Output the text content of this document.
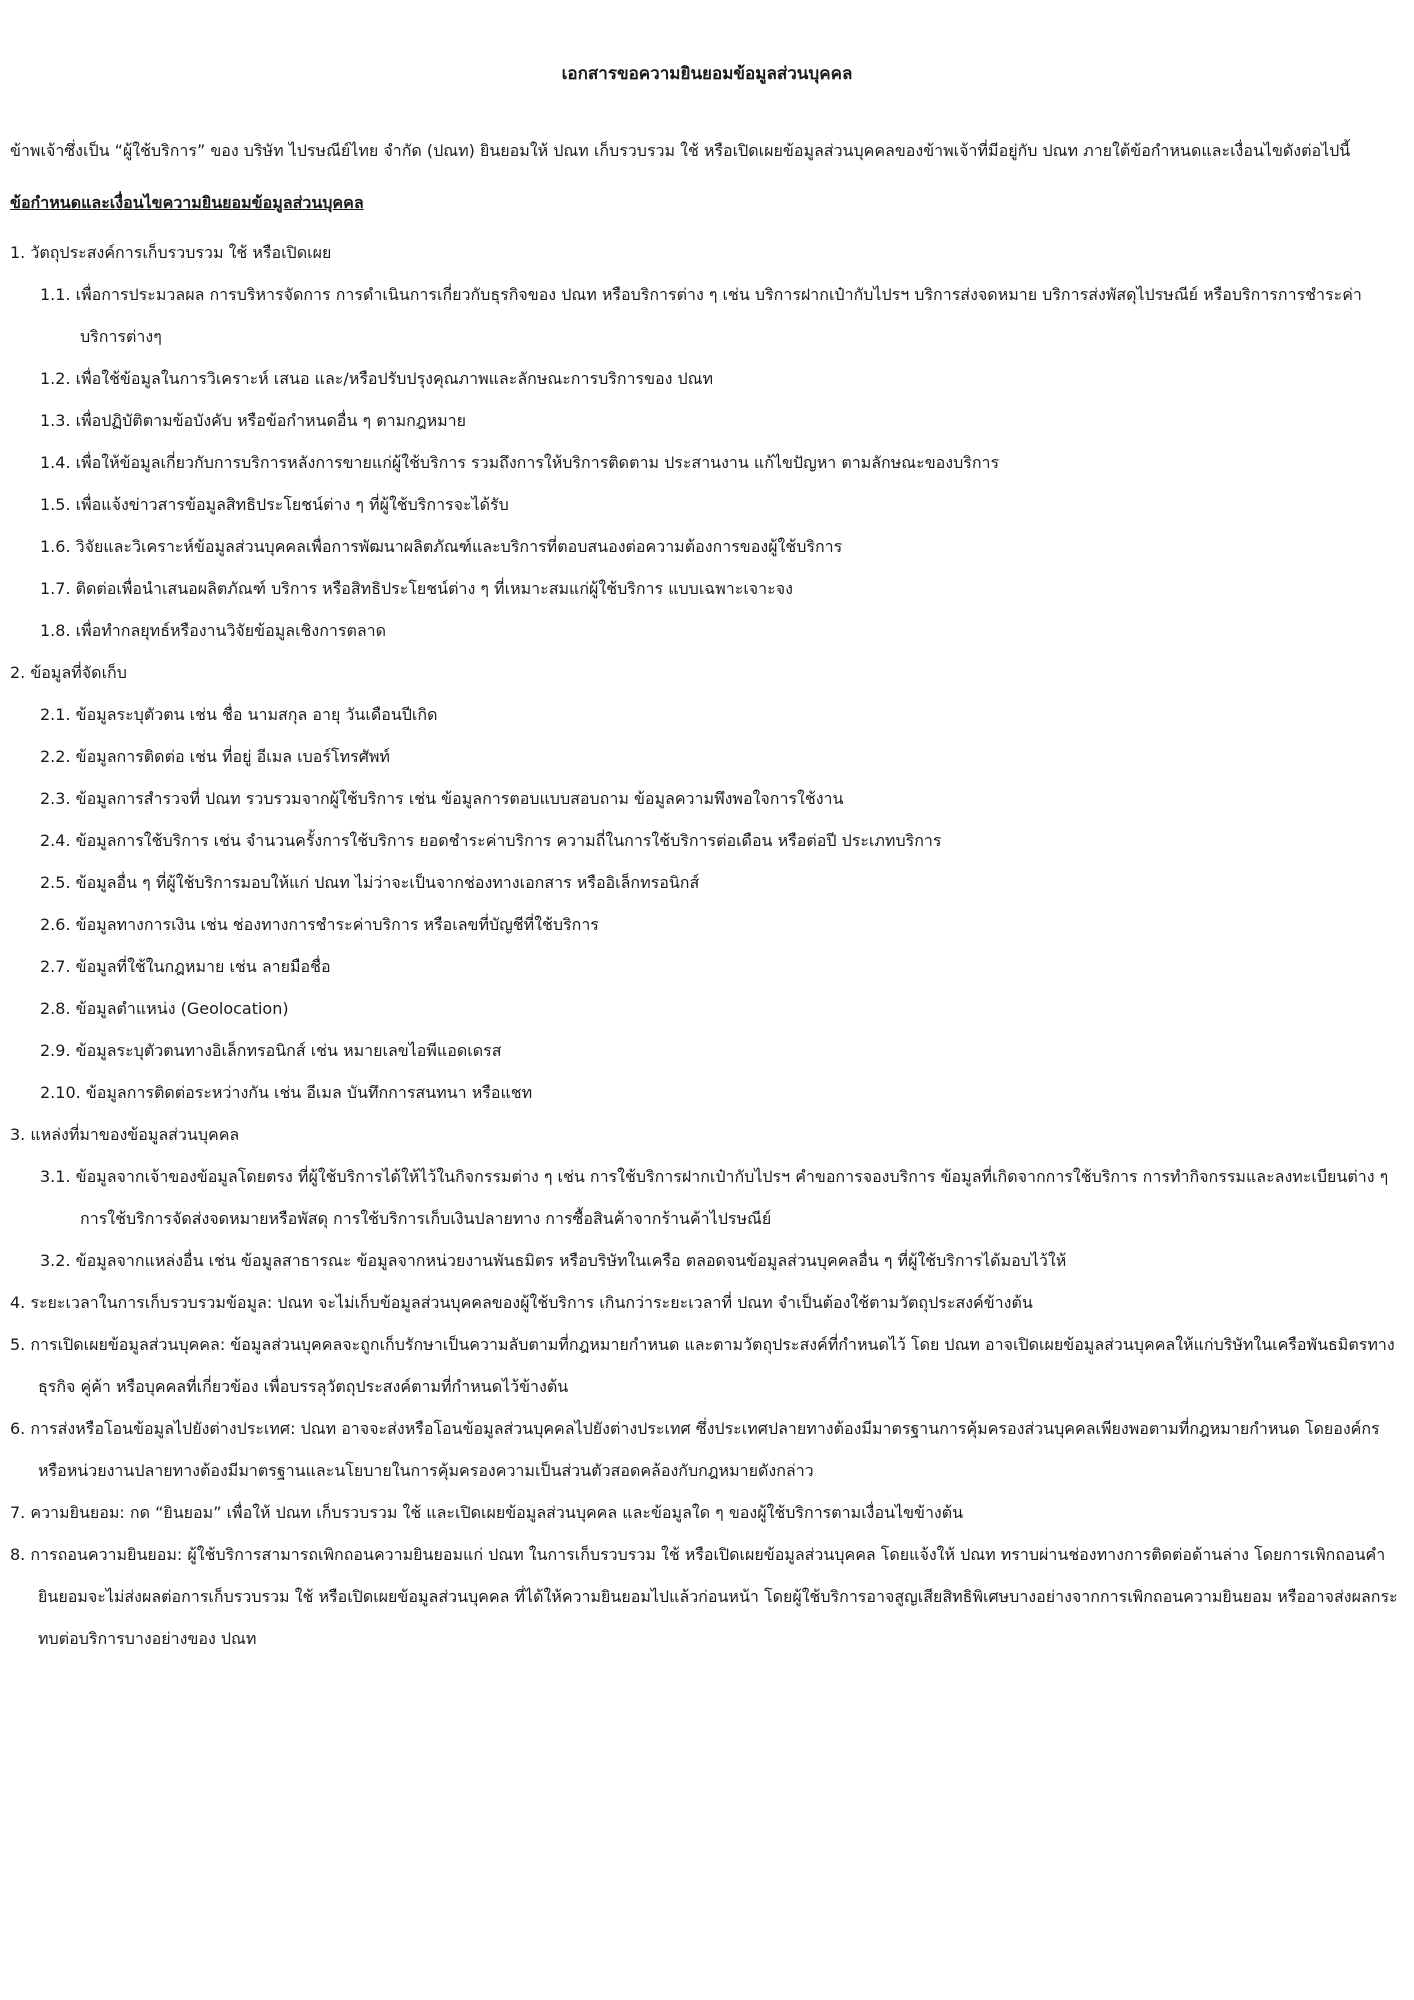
เอกสารขอความยินยอมข้อมูลส่วนบุคคล
ข้าพเจ้าซึ่งเป็น “ผู้ใช้บริการ” ของ บริษัท ไปรษณีย์ไทย จำกัด (ปณท) ยินยอมให้ ปณท เก็บรวบรวม ใช้ หรือเปิดเผยข้อมูลส่วนบุคคลของข้าพเจ้าที่มีอยู่กับ ปณท ภายใต้ข้อกำหนดและเงื่อนไขดังต่อไปนี้
ข้อกำหนดและเงื่อนไขความยินยอมข้อมูลส่วนบุคคล
1. วัตถุประสงค์การเก็บรวบรวม ใช้ หรือเปิดเผย
1.1. เพื่อการประมวลผล การบริหารจัดการ การดำเนินการเกี่ยวกับธุรกิจของ ปณท หรือบริการต่าง ๆ เช่น บริการฝากเป๋ากับไปรฯ บริการส่งจดหมาย บริการส่งพัสดุไปรษณีย์ หรือบริการการชำระค่าบริการต่างๆ
1.2. เพื่อใช้ข้อมูลในการวิเคราะห์ เสนอ และ/หรือปรับปรุงคุณภาพและลักษณะการบริการของ ปณท
1.3. เพื่อปฏิบัติตามข้อบังคับ หรือข้อกำหนดอื่น ๆ ตามกฎหมาย
1.4. เพื่อให้ข้อมูลเกี่ยวกับการบริการหลังการขายแก่ผู้ใช้บริการ รวมถึงการให้บริการติดตาม ประสานงาน แก้ไขปัญหา ตามลักษณะของบริการ
1.5. เพื่อแจ้งข่าวสารข้อมูลสิทธิประโยชน์ต่าง ๆ ที่ผู้ใช้บริการจะได้รับ
1.6. วิจัยและวิเคราะห์ข้อมูลส่วนบุคคลเพื่อการพัฒนาผลิตภัณฑ์และบริการที่ตอบสนองต่อความต้องการของผู้ใช้บริการ
1.7. ติดต่อเพื่อนำเสนอผลิตภัณฑ์ บริการ หรือสิทธิประโยชน์ต่าง ๆ ที่เหมาะสมแก่ผู้ใช้บริการ แบบเฉพาะเจาะจง
1.8. เพื่อทำกลยุทธ์หรืองานวิจัยข้อมูลเชิงการตลาด
2. ข้อมูลที่จัดเก็บ
2.1. ข้อมูลระบุตัวตน เช่น ชื่อ นามสกุล อายุ วันเดือนปีเกิด
2.2. ข้อมูลการติดต่อ เช่น ที่อยู่ อีเมล เบอร์โทรศัพท์
2.3. ข้อมูลการสำรวจที่ ปณท รวบรวมจากผู้ใช้บริการ เช่น ข้อมูลการตอบแบบสอบถาม ข้อมูลความพึงพอใจการใช้งาน
2.4. ข้อมูลการใช้บริการ เช่น จำนวนครั้งการใช้บริการ ยอดชำระค่าบริการ ความถี่ในการใช้บริการต่อเดือน หรือต่อปี ประเภทบริการ
2.5. ข้อมูลอื่น ๆ ที่ผู้ใช้บริการมอบให้แก่ ปณท ไม่ว่าจะเป็นจากช่องทางเอกสาร หรืออิเล็กทรอนิกส์
2.6. ข้อมูลทางการเงิน เช่น ช่องทางการชำระค่าบริการ หรือเลขที่บัญชีที่ใช้บริการ
2.7. ข้อมูลที่ใช้ในกฎหมาย เช่น ลายมือชื่อ
2.8. ข้อมูลตำแหน่ง (Geolocation)
2.9. ข้อมูลระบุตัวตนทางอิเล็กทรอนิกส์ เช่น หมายเลขไอพีแอดเดรส
2.10. ข้อมูลการติดต่อระหว่างกัน เช่น อีเมล บันทึกการสนทนา หรือแชท
3. แหล่งที่มาของข้อมูลส่วนบุคคล
3.1. ข้อมูลจากเจ้าของข้อมูลโดยตรง ที่ผู้ใช้บริการได้ให้ไว้ในกิจกรรมต่าง ๆ เช่น การใช้บริการฝากเป๋ากับไปรฯ คำขอการจองบริการ ข้อมูลที่เกิดจากการใช้บริการ การทำกิจกรรมและลงทะเบียนต่าง ๆ การใช้บริการจัดส่งจดหมายหรือพัสดุ การใช้บริการเก็บเงินปลายทาง การซื้อสินค้าจากร้านค้าไปรษณีย์
3.2. ข้อมูลจากแหล่งอื่น เช่น ข้อมูลสาธารณะ ข้อมูลจากหน่วยงานพันธมิตร หรือบริษัทในเครือ ตลอดจนข้อมูลส่วนบุคคลอื่น ๆ ที่ผู้ใช้บริการได้มอบไว้ให้
4. ระยะเวลาในการเก็บรวบรวมข้อมูล: ปณท จะไม่เก็บข้อมูลส่วนบุคคลของผู้ใช้บริการ เกินกว่าระยะเวลาที่ ปณท จำเป็นต้องใช้ตามวัตถุประสงค์ข้างต้น
5. การเปิดเผยข้อมูลส่วนบุคคล: ข้อมูลส่วนบุคคลจะถูกเก็บรักษาเป็นความลับตามที่กฎหมายกำหนด และตามวัตถุประสงค์ที่กำหนดไว้ โดย ปณท อาจเปิดเผยข้อมูลส่วนบุคคลให้แก่บริษัทในเครือพันธมิตรทางธุรกิจ คู่ค้า หรือบุคคลที่เกี่ยวข้อง เพื่อบรรลุวัตถุประสงค์ตามที่กำหนดไว้ข้างต้น
6. การส่งหรือโอนข้อมูลไปยังต่างประเทศ: ปณท อาจจะส่งหรือโอนข้อมูลส่วนบุคคลไปยังต่างประเทศ ซึ่งประเทศปลายทางต้องมีมาตรฐานการคุ้มครองส่วนบุคคลเพียงพอตามที่กฎหมายกำหนด โดยองค์กรหรือหน่วยงานปลายทางต้องมีมาตรฐานและนโยบายในการคุ้มครองความเป็นส่วนตัวสอดคล้องกับกฎหมายดังกล่าว
7. ความยินยอม: กด “ยินยอม” เพื่อให้ ปณท เก็บรวบรวม ใช้ และเปิดเผยข้อมูลส่วนบุคคล และข้อมูลใด ๆ ของผู้ใช้บริการตามเงื่อนไขข้างต้น
8. การถอนความยินยอม: ผู้ใช้บริการสามารถเพิกถอนความยินยอมแก่ ปณท ในการเก็บรวบรวม ใช้ หรือเปิดเผยข้อมูลส่วนบุคคล โดยแจ้งให้ ปณท ทราบผ่านช่องทางการติดต่อด้านล่าง โดยการเพิกถอนคำยินยอมจะไม่ส่งผลต่อการเก็บรวบรวม ใช้ หรือเปิดเผยข้อมูลส่วนบุคคล ที่ได้ให้ความยินยอมไปแล้วก่อนหน้า โดยผู้ใช้บริการอาจสูญเสียสิทธิพิเศษบางอย่างจากการเพิกถอนความยินยอม หรืออาจส่งผลกระทบต่อบริการบางอย่างของ ปณท
